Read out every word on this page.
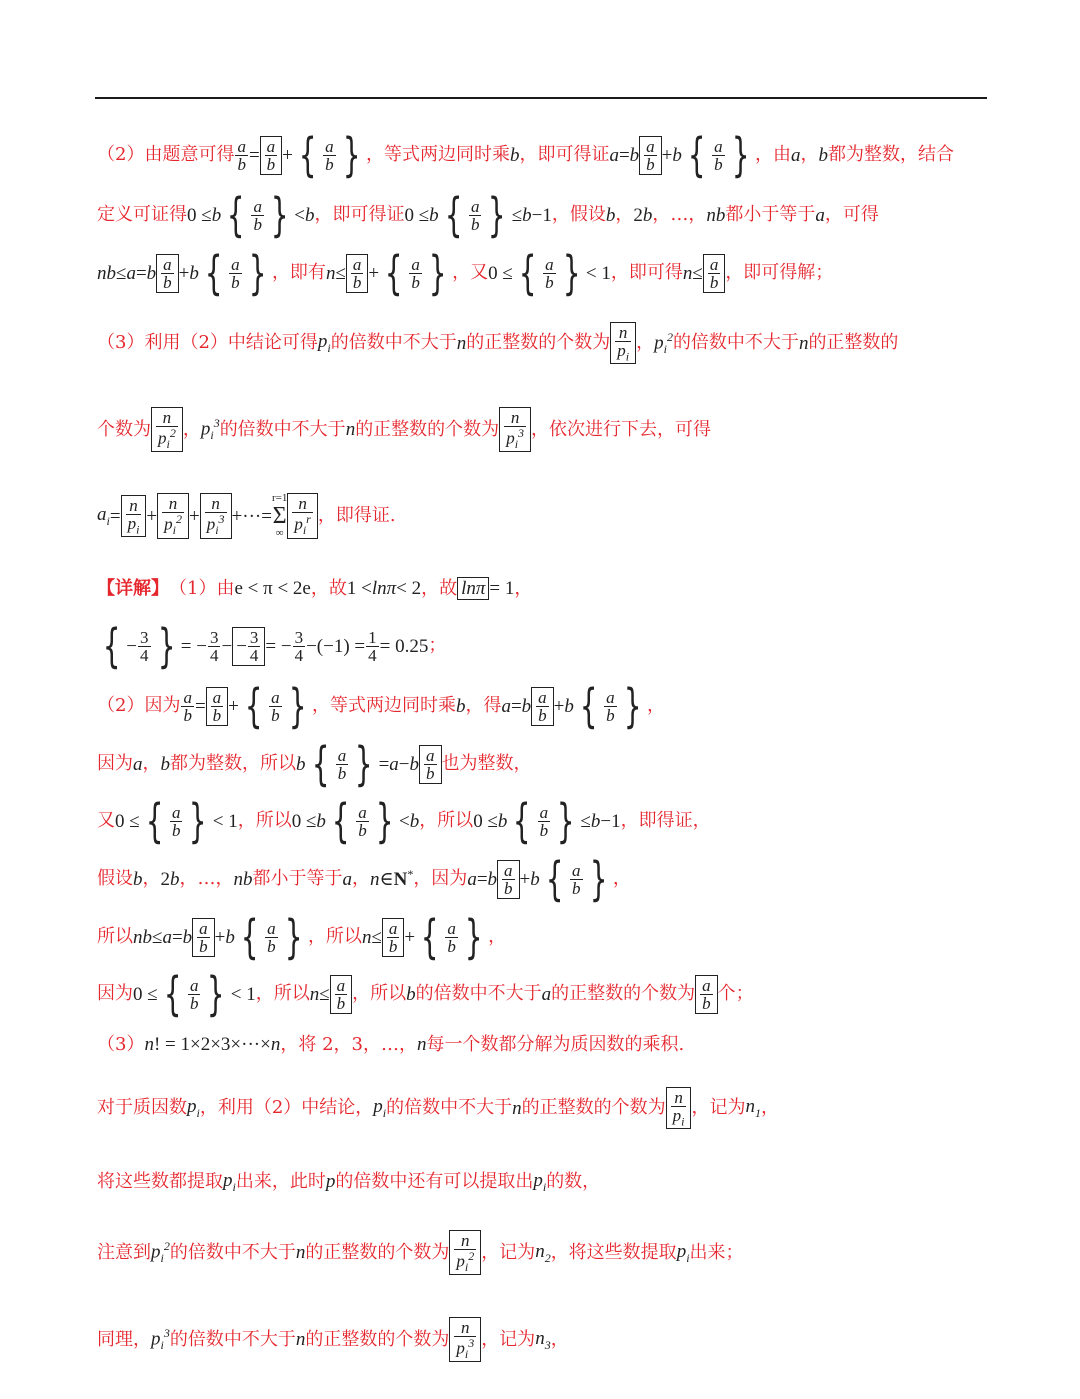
（2）由题意可得 $\frac{a}{b} = \frac{a}{b}$ + { $\frac{a}{b}$ } ，等式两边同时乘 b ，即可得证 a = b $\frac{a}{b} + b$ { $\frac{a}{b}$ } ，由 a ， b 都为整数，结合
定义可证得 0 ≤ b { $\frac{a}{b}$ } < b ，即可得证 0 ≤ b { $\frac{a}{b}$ } ≤ b −1 ，假设 b ， 2 b ，…， nb 都小于等于 a ，可得
nb ≤ a = b $\frac{a}{b} + b$ { $\frac{a}{b}$ } ，即有 $n \le \frac{a}{b}$ + { $\frac{a}{b}$ } ，又 0 ≤ { $\frac{a}{b}$ } < 1 ，即可得 $n \le \frac{a}{b}$ ，即可得解；
（3）利用（2）中结论可得 $p_i$ 的倍数中不大于 n 的正整数的个数为 $\frac{n}{p_i}$ ， $p_i^2$ 的倍数中不大于 n 的正整数的
个数为 $\frac{n}{p_i^2}$ ， $p_i^3$ 的倍数中不大于 n 的正整数的个数为 $\frac{n}{p_i^3}$ ，依次进行下去，可得
$a_i = \frac{n}{p_i} + \frac{n}{p_i^2} + \frac{n}{p_i^3}$ +···=
r=1
Σ
∞ $\frac{n}{p_i^r}$ ，即得证.
【详解】 （1）由 e < π < 2e ，故 1 < lnπ < 2 ，故 lnπ = 1 ，
{ − $\frac{3}{4}$ } = − $\frac{3}{4}$ − − $\frac{3}{4}$ = − $\frac{3}{4} -(-1) = \frac{1}{4} = 0.25$ ；
（2）因为 $\frac{a}{b} = \frac{a}{b}$ + { $\frac{a}{b}$ } ，等式两边同时乘 b ，得 a = b $\frac{a}{b} + b$ { $\frac{a}{b}$ } ，
因为 a ， b 都为整数，所以 b { $\frac{a}{b}$ } = a − b $\frac{a}{b}$ 也为整数，
又 0 ≤ { $\frac{a}{b}$ } < 1 ，所以 0 ≤ b { $\frac{a}{b}$ } < b ，所以 0 ≤ b { $\frac{a}{b}$ } ≤ b −1 ，即得证，
假设 b ， 2 b ，…， nb 都小于等于 a ， n ∈ N * ，因为 a = b $\frac{a}{b} + b$ { $\frac{a}{b}$ } ，
所以 nb ≤ a = b $\frac{a}{b} + b$ { $\frac{a}{b}$ } ，所以 $n \le \frac{a}{b}$ + { $\frac{a}{b}$ } ，
因为 0 ≤ { $\frac{a}{b}$ } < 1 ，所以 $n \le \frac{a}{b}$ ，所以 b 的倍数中不大于 a 的正整数的个数为 $\frac{a}{b}$ 个；
（3） n ! = 1×2×3×···× n ，将 2，3，…， n 每一个数都分解为质因数的乘积.
对于质因数 $p_i$ ，利用（2）中结论， $p_i$ 的倍数中不大于 n 的正整数的个数为 $\frac{n}{p_i}$ ，记为 $n_1$ ，
将这些数都提取 $p_i$ 出来，此时 p 的倍数中还有可以提取出 $p_i$ 的数，
注意到 $p_i^2$ 的倍数中不大于 n 的正整数的个数为 $\frac{n}{p_i^2}$ ，记为 $n_2$ ，将这些数提取 $p_i$ 出来；
同理， $p_i^3$ 的倍数中不大于 n 的正整数的个数为 $\frac{n}{p_i^3}$ ，记为 $n_3$ ，
